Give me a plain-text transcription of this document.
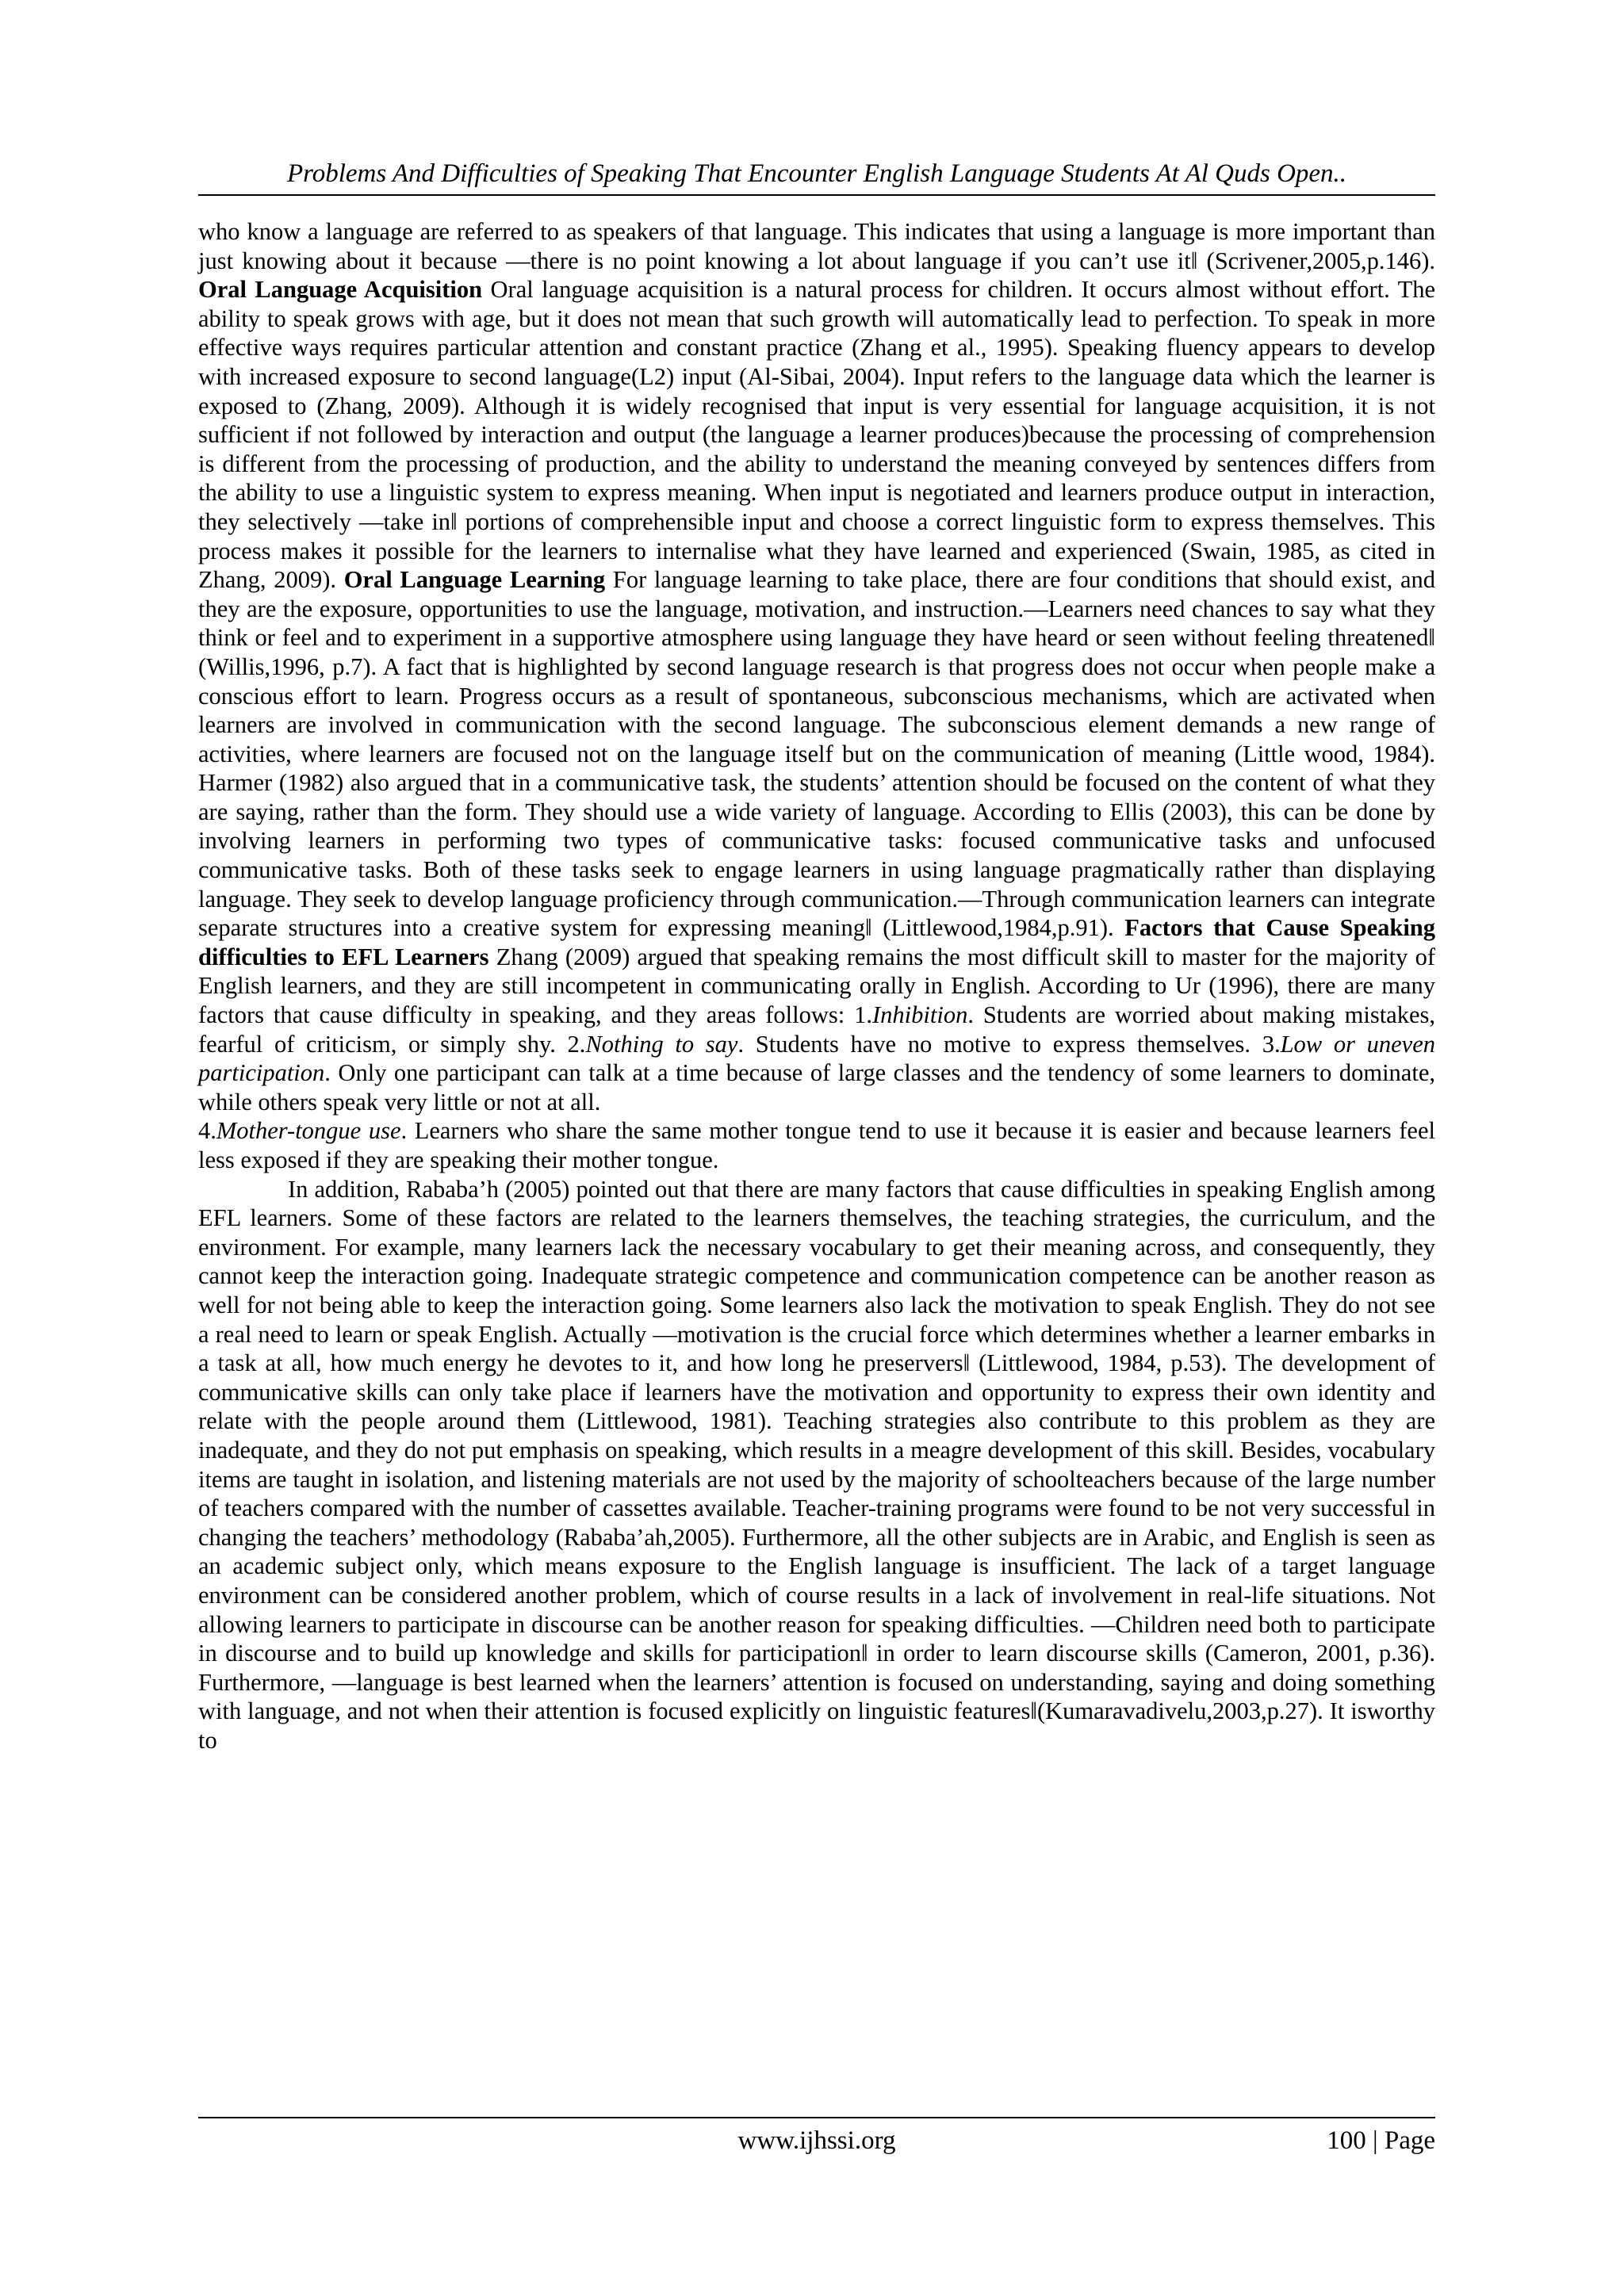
Problems And Difficulties of Speaking That Encounter English Language Students At Al Quds Open..

who know a language are referred to as speakers of that language. This indicates that using a language is more important than just knowing about it because ―there is no point knowing a lot about language if you can’t use it‖ (Scrivener,2005,p.146). Oral Language Acquisition Oral language acquisition is a natural process for children. It occurs almost without effort. The ability to speak grows with age, but it does not mean that such growth will automatically lead to perfection. To speak in more effective ways requires particular attention and constant practice (Zhang et al., 1995). Speaking fluency appears to develop with increased exposure to second language(L2) input (Al-Sibai, 2004). Input refers to the language data which the learner is exposed to (Zhang, 2009). Although it is widely recognised that input is very essential for language acquisition, it is not sufficient if not followed by interaction and output (the language a learner produces)because the processing of comprehension is different from the processing of production, and the ability to understand the meaning conveyed by sentences differs from the ability to use a linguistic system to express meaning. When input is negotiated and learners produce output in interaction, they selectively ―take in‖ portions of comprehensible input and choose a correct linguistic form to express themselves. This process makes it possible for the learners to internalise what they have learned and experienced (Swain, 1985, as cited in Zhang, 2009). Oral Language Learning For language learning to take place, there are four conditions that should exist, and they are the exposure, opportunities to use the language, motivation, and instruction.―Learners need chances to say what they think or feel and to experiment in a supportive atmosphere using language they have heard or seen without feeling threatened‖ (Willis,1996, p.7). A fact that is highlighted by second language research is that progress does not occur when people make a conscious effort to learn. Progress occurs as a result of spontaneous, subconscious mechanisms, which are activated when learners are involved in communication with the second language. The subconscious element demands a new range of activities, where learners are focused not on the language itself but on the communication of meaning (Little wood, 1984). Harmer (1982) also argued that in a communicative task, the students’ attention should be focused on the content of what they are saying, rather than the form. They should use a wide variety of language. According to Ellis (2003), this can be done by involving learners in performing two types of communicative tasks: focused communicative tasks and unfocused communicative tasks. Both of these tasks seek to engage learners in using language pragmatically rather than displaying language. They seek to develop language proficiency through communication.―Through communication learners can integrate separate structures into a creative system for expressing meaning‖ (Littlewood,1984,p.91). Factors that Cause Speaking difficulties to EFL Learners Zhang (2009) argued that speaking remains the most difficult skill to master for the majority of English learners, and they are still incompetent in communicating orally in English. According to Ur (1996), there are many factors that cause difficulty in speaking, and they areas follows: 1.Inhibition. Students are worried about making mistakes, fearful of criticism, or simply shy. 2.Nothing to say. Students have no motive to express themselves. 3.Low or uneven participation. Only one participant can talk at a time because of large classes and the tendency of some learners to dominate, while others speak very little or not at all.

4.Mother-tongue use. Learners who share the same mother tongue tend to use it because it is easier and because learners feel less exposed if they are speaking their mother tongue.

In addition, Rababa’h (2005) pointed out that there are many factors that cause difficulties in speaking English among EFL learners. Some of these factors are related to the learners themselves, the teaching strategies, the curriculum, and the environment. For example, many learners lack the necessary vocabulary to get their meaning across, and consequently, they cannot keep the interaction going. Inadequate strategic competence and communication competence can be another reason as well for not being able to keep the interaction going. Some learners also lack the motivation to speak English. They do not see a real need to learn or speak English. Actually ―motivation is the crucial force which determines whether a learner embarks in a task at all, how much energy he devotes to it, and how long he preservers‖ (Littlewood, 1984, p.53). The development of communicative skills can only take place if learners have the motivation and opportunity to express their own identity and relate with the people around them (Littlewood, 1981). Teaching strategies also contribute to this problem as they are inadequate, and they do not put emphasis on speaking, which results in a meagre development of this skill. Besides, vocabulary items are taught in isolation, and listening materials are not used by the majority of schoolteachers because of the large number of teachers compared with the number of cassettes available. Teacher-training programs were found to be not very successful in changing the teachers’ methodology (Rababa’ah,2005). Furthermore, all the other subjects are in Arabic, and English is seen as an academic subject only, which means exposure to the English language is insufficient. The lack of a target language environment can be considered another problem, which of course results in a lack of involvement in real-life situations. Not allowing learners to participate in discourse can be another reason for speaking difficulties. ―Children need both to participate in discourse and to build up knowledge and skills for participation‖ in order to learn discourse skills (Cameron, 2001, p.36). Furthermore, ―language is best learned when the learners’ attention is focused on understanding, saying and doing something with language, and not when their attention is focused explicitly on linguistic features‖(Kumaravadivelu,2003,p.27). It isworthy to

www.ijhssi.org	100 | Page
